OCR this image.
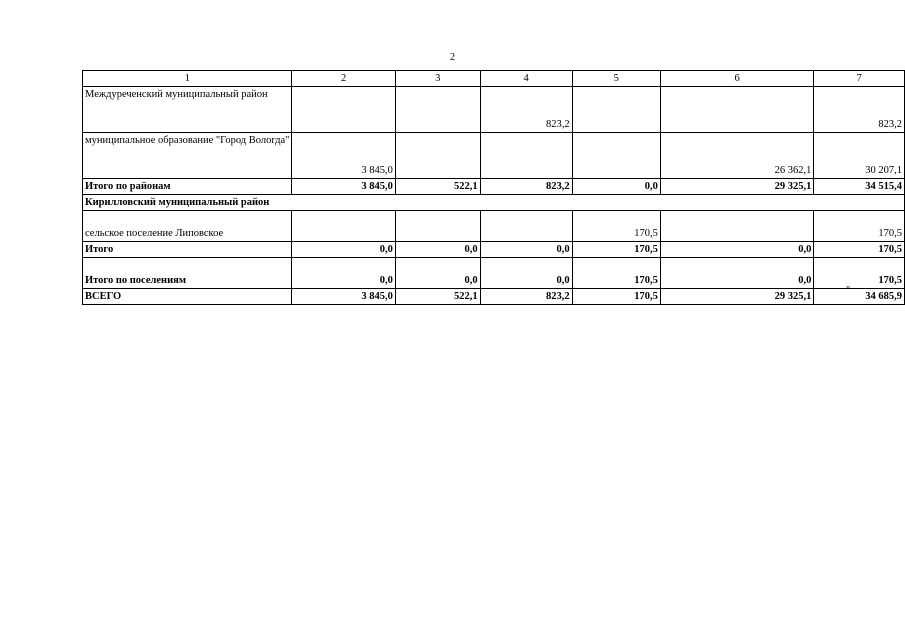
2
1	2	3	4	5	6	7
Междуреченский муниципальный район			823,2			823,2
муниципальное образование "Город Вологда"	3 845,0				26 362,1	30 207,1
Итого по районам	3 845,0	522,1	823,2	0,0	29 325,1	34 515,4
Кирилловский муниципальный район						
сельское поселение Липовское				170,5		170,5
Итого	0,0	0,0	0,0	170,5	0,0	170,5
Итого по поселениям	0,0	0,0	0,0	170,5	0,0	170,5
ВСЕГО	3 845,0	522,1	823,2	170,5	29 325,1	34 685,9
"
